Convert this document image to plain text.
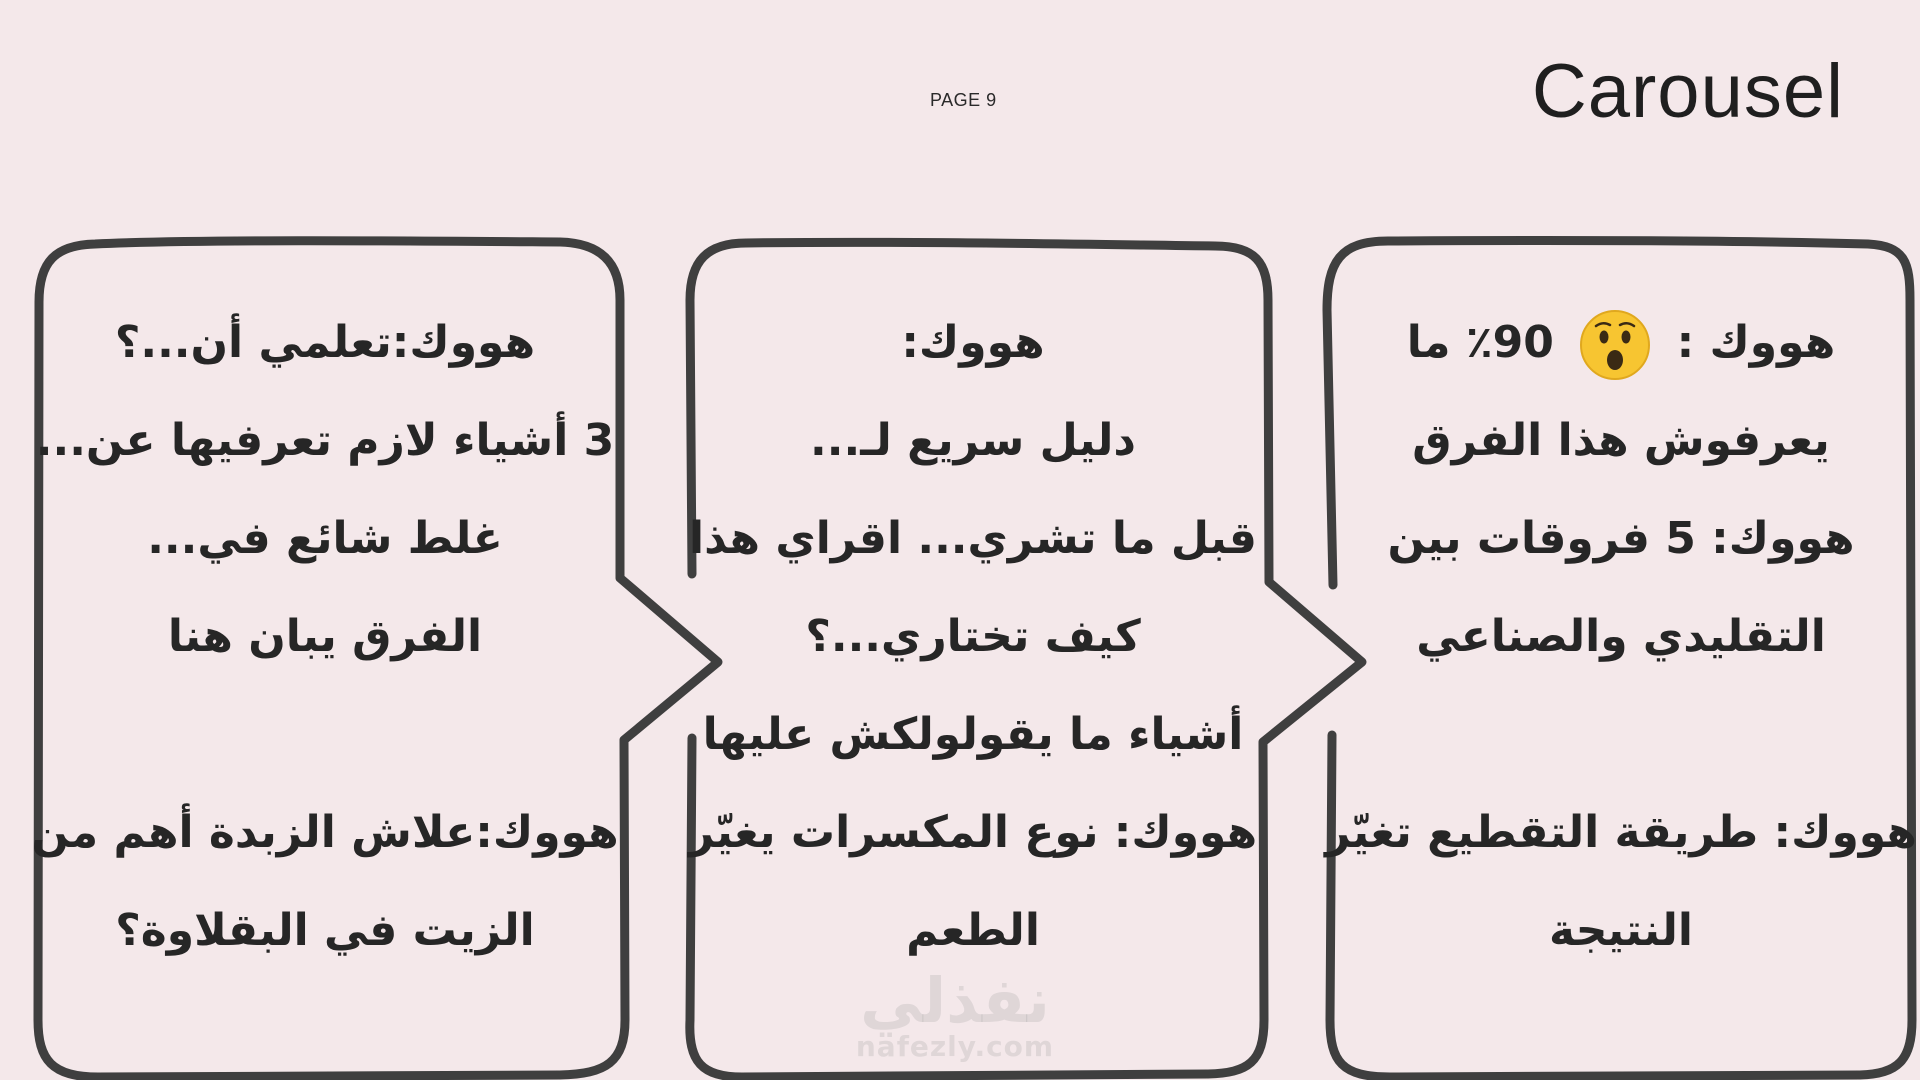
PAGE 9	Carousel
هووك:تعلمي أن...؟
3 أشياء لازم تعرفيها عن...
غلط شائع في...
الفرق يبان هنا
هووك:علاش الزبدة أهم من
الزيت في البقلاوة؟
هووك:
دليل سريع لـ...
قبل ما تشري... اقراي هذا
كيف تختاري...؟
أشياء ما يقولولكش عليها
هووك: نوع المكسرات يغيّر
الطعم
هووك :  90٪ ما
يعرفوش هذا الفرق
هووك: 5 فروقات بين
التقليدي والصناعي
هووك: طريقة التقطيع تغيّر
النتيجة
نفذلي
nafezly.com
